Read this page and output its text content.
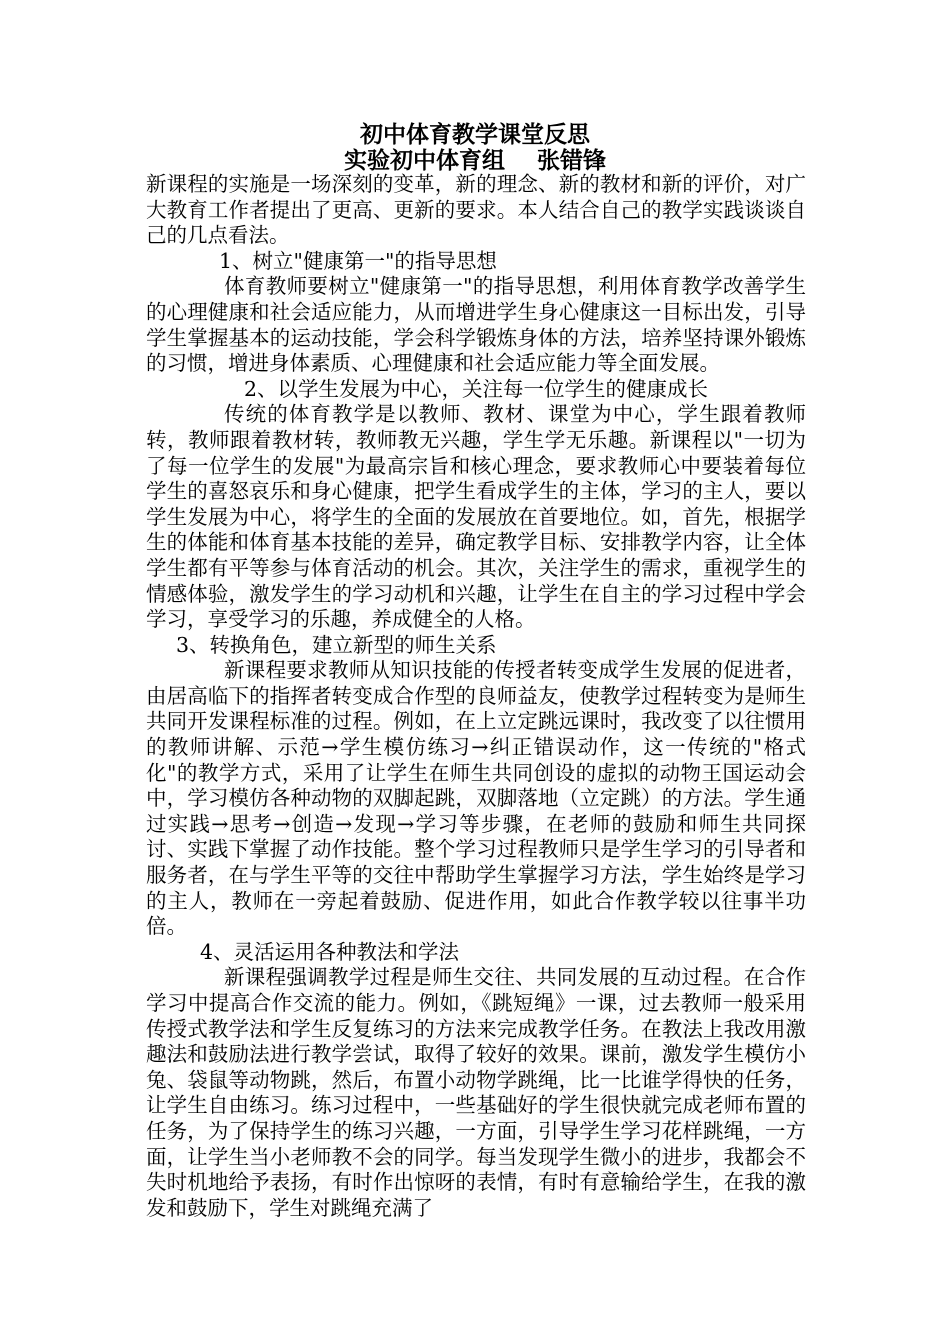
初中体育教学课堂反思
实验初中体育组    张错锋

新课程的实施是一场深刻的变革，新的理念、新的教材和新的评价，对广大教育工作者提出了更高、更新的要求。本人结合自己的教学实践谈谈自己的几点看法。

1、树立"健康第一"的指导思想

体育教师要树立"健康第一"的指导思想，利用体育教学改善学生的心理健康和社会适应能力，从而增进学生身心健康这一目标出发，引导学生掌握基本的运动技能，学会科学锻炼身体的方法，培养坚持课外锻炼的习惯，增进身体素质、心理健康和社会适应能力等全面发展。

2、以学生发展为中心，关注每一位学生的健康成长

传统的体育教学是以教师、教材、课堂为中心，学生跟着教师转，教师跟着教材转，教师教无兴趣，学生学无乐趣。新课程以"一切为了每一位学生的发展"为最高宗旨和核心理念，要求教师心中要装着每位学生的喜怒哀乐和身心健康，把学生看成学生的主体，学习的主人，要以学生发展为中心，将学生的全面的发展放在首要地位。如，首先，根据学生的体能和体育基本技能的差异，确定教学目标、安排教学内容，让全体学生都有平等参与体育活动的机会。其次，关注学生的需求，重视学生的情感体验，激发学生的学习动机和兴趣，让学生在自主的学习过程中学会学习，享受学习的乐趣，养成健全的人格。

3、转换角色，建立新型的师生关系

新课程要求教师从知识技能的传授者转变成学生发展的促进者，由居高临下的指挥者转变成合作型的良师益友，使教学过程转变为是师生共同开发课程标准的过程。例如，在上立定跳远课时，我改变了以往惯用的教师讲解、示范→学生模仿练习→纠正错误动作，这一传统的"格式化"的教学方式，采用了让学生在师生共同创设的虚拟的动物王国运动会中，学习模仿各种动物的双脚起跳，双脚落地（立定跳）的方法。学生通过实践→思考→创造→发现→学习等步骤，在老师的鼓励和师生共同探讨、实践下掌握了动作技能。整个学习过程教师只是学生学习的引导者和服务者，在与学生平等的交往中帮助学生掌握学习方法，学生始终是学习的主人，教师在一旁起着鼓励、促进作用，如此合作教学较以往事半功倍。

4、灵活运用各种教法和学法

新课程强调教学过程是师生交往、共同发展的互动过程。在合作学习中提高合作交流的能力。例如，《跳短绳》一课，过去教师一般采用传授式教学法和学生反复练习的方法来完成教学任务。在教法上我改用激趣法和鼓励法进行教学尝试，取得了较好的效果。课前，激发学生模仿小兔、袋鼠等动物跳，然后，布置小动物学跳绳，比一比谁学得快的任务，让学生自由练习。练习过程中，一些基础好的学生很快就完成老师布置的任务，为了保持学生的练习兴趣，一方面，引导学生学习花样跳绳，一方面，让学生当小老师教不会的同学。每当发现学生微小的进步，我都会不失时机地给予表扬，有时作出惊呀的表情，有时有意输给学生，在我的激发和鼓励下，学生对跳绳充满了
